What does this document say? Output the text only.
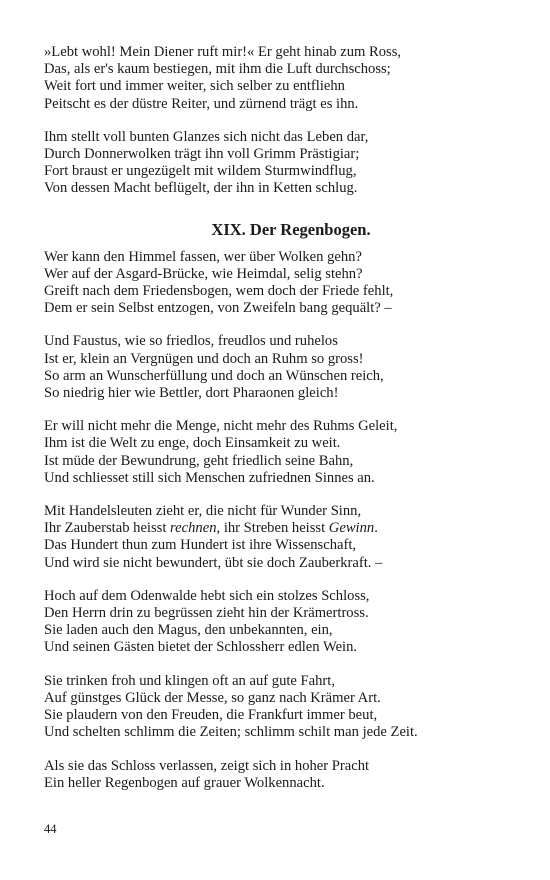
»Lebt wohl! Mein Diener ruft mir!« Er geht hinab zum Ross,
Das, als er's kaum bestiegen, mit ihm die Luft durchschoss;
Weit fort und immer weiter, sich selber zu entfliehn
Peitscht es der düstre Reiter, und zürnend trägt es ihn.
Ihm stellt voll bunten Glanzes sich nicht das Leben dar,
Durch Donnerwolken trägt ihn voll Grimm Prästigiar;
Fort braust er ungezügelt mit wildem Sturmwindflug,
Von dessen Macht beflügelt, der ihn in Ketten schlug.
XIX. Der Regenbogen.
Wer kann den Himmel fassen, wer über Wolken gehn?
Wer auf der Asgard-Brücke, wie Heimdal, selig stehn?
Greift nach dem Friedensbogen, wem doch der Friede fehlt,
Dem er sein Selbst entzogen, von Zweifeln bang gequält? –
Und Faustus, wie so friedlos, freudlos und ruhelos
Ist er, klein an Vergnügen und doch an Ruhm so gross!
So arm an Wunscherfüllung und doch an Wünschen reich,
So niedrig hier wie Bettler, dort Pharaonen gleich!
Er will nicht mehr die Menge, nicht mehr des Ruhms Geleit,
Ihm ist die Welt zu enge, doch Einsamkeit zu weit.
Ist müde der Bewundrung, geht friedlich seine Bahn,
Und schliesset still sich Menschen zufriednen Sinnes an.
Mit Handelsleuten zieht er, die nicht für Wunder Sinn,
Ihr Zauberstab heisst rechnen, ihr Streben heisst Gewinn.
Das Hundert thun zum Hundert ist ihre Wissenschaft,
Und wird sie nicht bewundert, übt sie doch Zauberkraft. –
Hoch auf dem Odenwalde hebt sich ein stolzes Schloss,
Den Herrn drin zu begrüssen zieht hin der Krämertross.
Sie laden auch den Magus, den unbekannten, ein,
Und seinen Gästen bietet der Schlossherr edlen Wein.
Sie trinken froh und klingen oft an auf gute Fahrt,
Auf günstges Glück der Messe, so ganz nach Krämer Art.
Sie plaudern von den Freuden, die Frankfurt immer beut,
Und schelten schlimm die Zeiten; schlimm schilt man jede Zeit.
Als sie das Schloss verlassen, zeigt sich in hoher Pracht
Ein heller Regenbogen auf grauer Wolkennacht.
44
